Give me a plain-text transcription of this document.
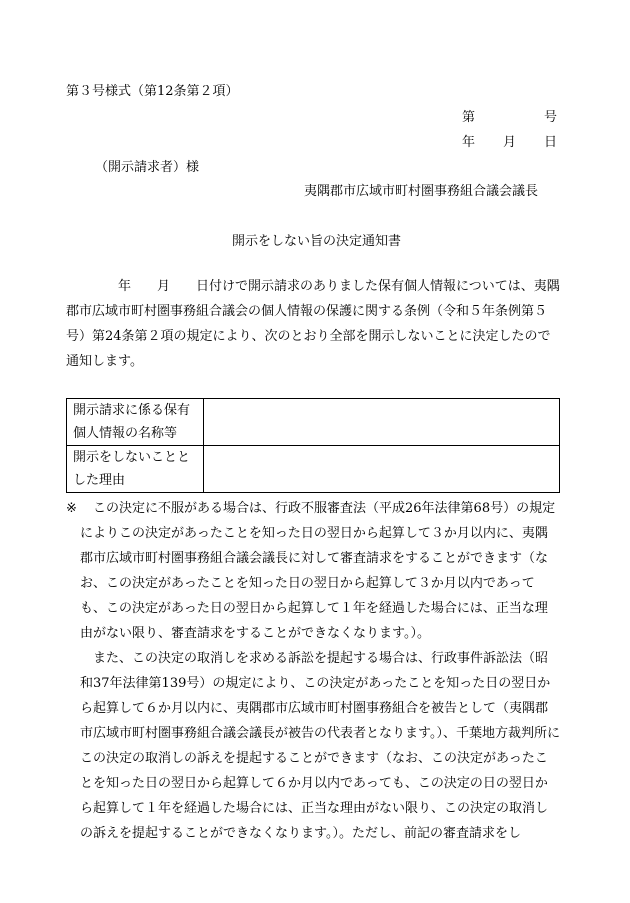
第３号様式（第12条第２項）
第	号
年 月 日
（開示請求者）様
夷隅郡市広域市町村圏事務組合議会議長
開示をしない旨の決定通知書
年　　月　　日付けで開示請求のありました保有個人情報については、夷隅郡市広域市町村圏事務組合議会の個人情報の保護に関する条例（令和５年条例第５号）第24条第２項の規定により、次のとおり全部を開示しないことに決定したので通知します。
開示請求に係る保有
個人情報の名称等	

開示をしないことと
した理由	

※	この決定に不服がある場合は、行政不服審査法（平成26年法律第68号）の規定によりこの決定があったことを知った日の翌日から起算して３か月以内に、夷隅郡市広域市町村圏事務組合議会議長に対して審査請求をすることができます（なお、この決定があったことを知った日の翌日から起算して３か月以内であっても、この決定があった日の翌日から起算して１年を経過した場合には、正当な理由がない限り、審査請求をすることができなくなります。）。
また、この決定の取消しを求める訴訟を提起する場合は、行政事件訴訟法（昭和37年法律第139号）の規定により、この決定があったことを知った日の翌日から起算して６か月以内に、夷隅郡市広域市町村圏事務組合を被告として（夷隅郡市広域市町村圏事務組合議会議長が被告の代表者となります。）、千葉地方裁判所にこの決定の取消しの訴えを提起することができます（なお、この決定があったことを知った日の翌日から起算して６か月以内であっても、この決定の日の翌日から起算して１年を経過した場合には、正当な理由がない限り、この決定の取消しの訴えを提起することができなくなります。）。ただし、前記の審査請求をし
